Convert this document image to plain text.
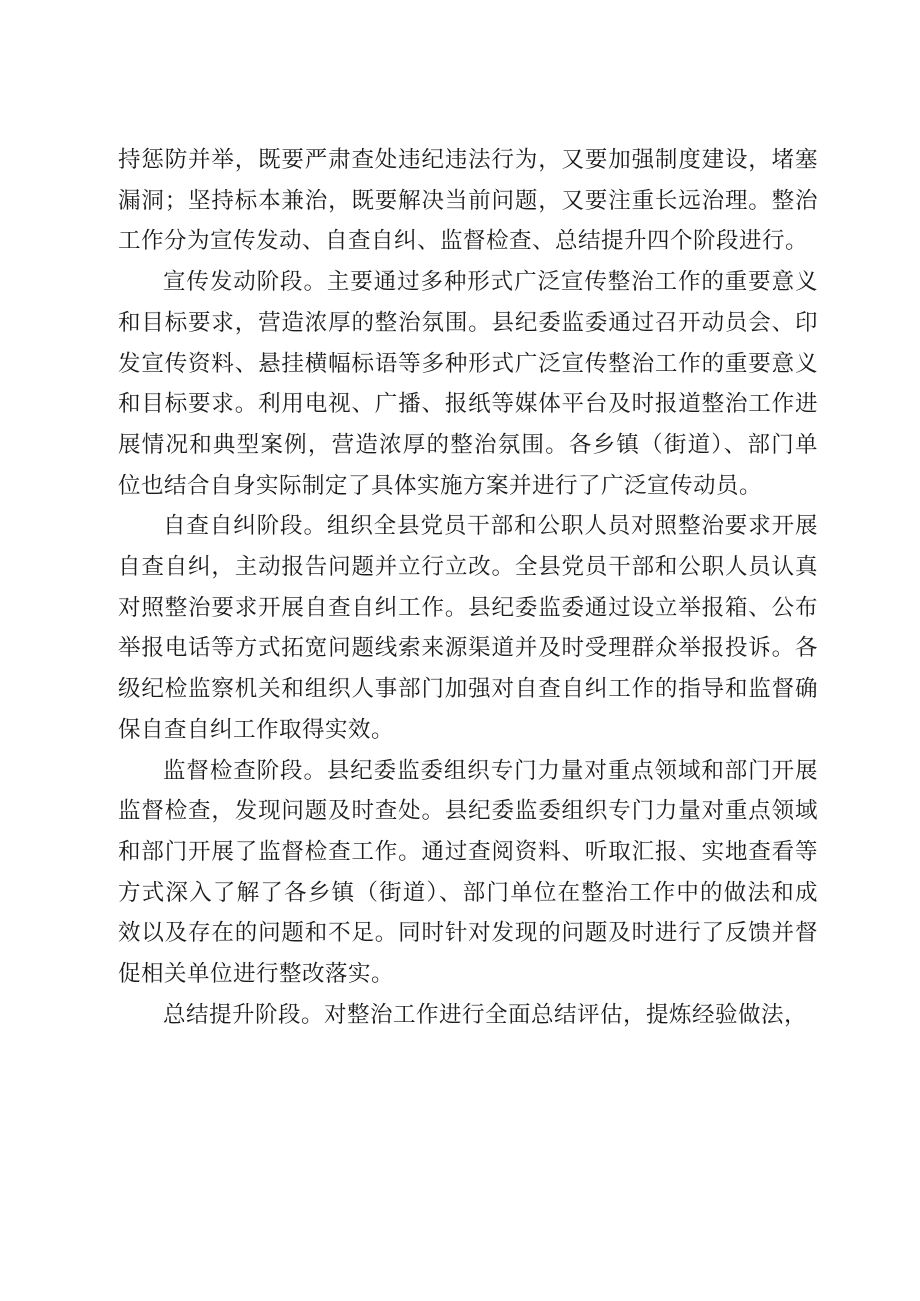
持惩防并举，既要严肃查处违纪违法行为，又要加强制度建设，堵塞漏洞；坚持标本兼治，既要解决当前问题，又要注重长远治理。整治工作分为宣传发动、自查自纠、监督检查、总结提升四个阶段进行。

宣传发动阶段。主要通过多种形式广泛宣传整治工作的重要意义和目标要求，营造浓厚的整治氛围。县纪委监委通过召开动员会、印发宣传资料、悬挂横幅标语等多种形式广泛宣传整治工作的重要意义和目标要求。利用电视、广播、报纸等媒体平台及时报道整治工作进展情况和典型案例，营造浓厚的整治氛围。各乡镇（街道）、部门单位也结合自身实际制定了具体实施方案并进行了广泛宣传动员。

自查自纠阶段。组织全县党员干部和公职人员对照整治要求开展自查自纠，主动报告问题并立行立改。全县党员干部和公职人员认真对照整治要求开展自查自纠工作。县纪委监委通过设立举报箱、公布举报电话等方式拓宽问题线索来源渠道并及时受理群众举报投诉。各级纪检监察机关和组织人事部门加强对自查自纠工作的指导和监督确保自查自纠工作取得实效。

监督检查阶段。县纪委监委组织专门力量对重点领域和部门开展监督检查，发现问题及时查处。县纪委监委组织专门力量对重点领域和部门开展了监督检查工作。通过查阅资料、听取汇报、实地查看等方式深入了解了各乡镇（街道）、部门单位在整治工作中的做法和成效以及存在的问题和不足。同时针对发现的问题及时进行了反馈并督促相关单位进行整改落实。

总结提升阶段。对整治工作进行全面总结评估，提炼经验做法，
